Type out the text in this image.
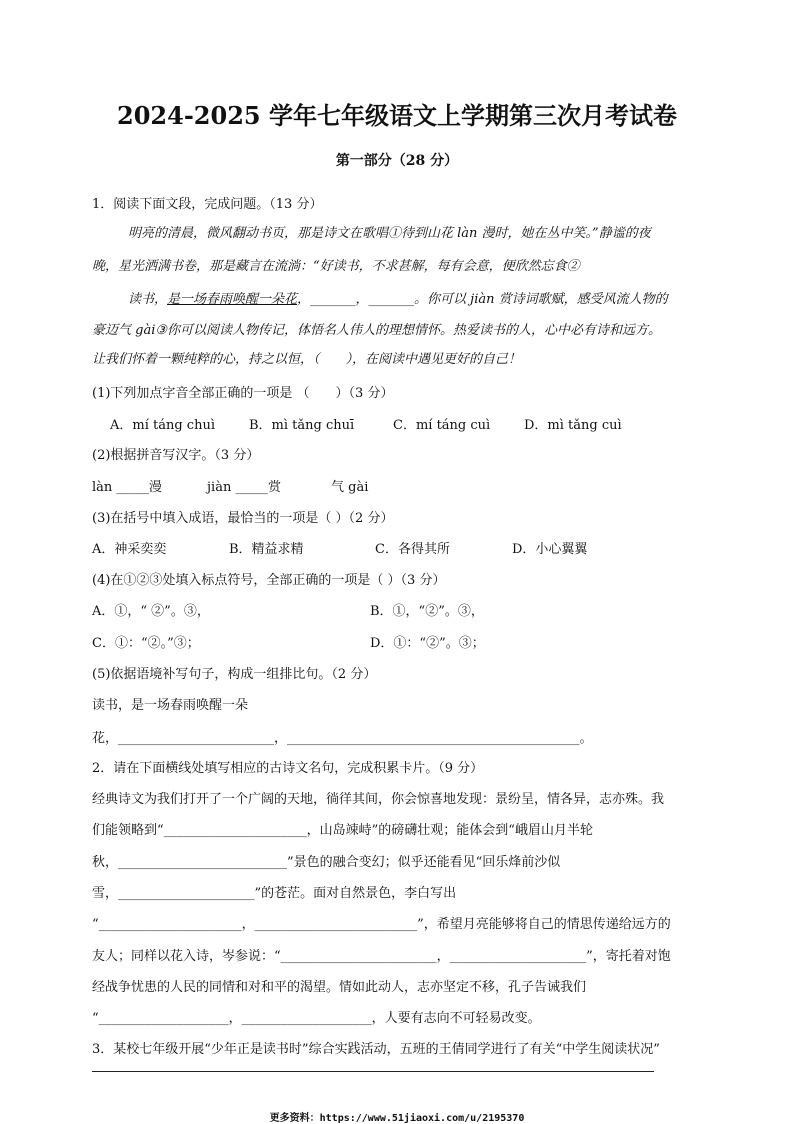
2024-2025 学年七年级语文上学期第三次月考试卷
第一部分（28 分）
1．阅读下面文段，完成问题。（13 分）
明亮的清晨，微风翻动书页，那是诗文在歌唱①待到山花 làn 漫时，她在丛中笑。”静谧的夜
晚，星光洒满书卷，那是藏言在流淌：“好读书，不求甚解，每有会意，便欣然忘食②
读书，是一场春雨唤醒一朵花，_______，_______。你可以 jiàn 赏诗词歌赋，感受风流人物的
豪迈气 gài③你可以阅读人物传记，体悟名人伟人的理想情怀。热爱读书的人，心中必有诗和远方。
让我们怀着一颗纯粹的心，持之以恒，（　　），在阅读中遇见更好的自己！
(1)下列加点字音全部正确的一项是 （　　）（3 分）
A．mí táng chuì	B．mì tǎng chuī	C．mí táng cuì	D．mì tǎng cuì
(2)根据拼音写汉字。（3 分）
làn _____漫	jiàn _____赏	气 gài
(3)在括号中填入成语，最恰当的一项是（ ）（2 分）
A．神采奕奕	B．精益求精	C．各得其所	D．小心翼翼
(4)在①②③处填入标点符号，全部正确的一项是（ ）（3 分）
A．①，“ ②”。③，	B．①，“②”。③，
C．①：“②。”③；	D．①：“②”。③；
(5)依据语境补写句子，构成一组排比句。（2 分）
读书，是一场春雨唤醒一朵
花，________________________，_____________________________________________。
2．请在下面横线处填写相应的古诗文名句，完成积累卡片。（9 分）
经典诗文为我们打开了一个广阔的天地，徜徉其间，你会惊喜地发现：景纷呈，情各异，志亦殊。我
们能领略到“______________________，山岛竦峙”的磅礴壮观；能体会到“峨眉山月半轮
秋，__________________________”景色的融合变幻；似乎还能看见“回乐烽前沙似
雪，_____________________”的苍茫。面对自然景色，李白写出
“______________________，_________________________”，希望月亮能够将自己的情思传递给远方的
友人；同样以花入诗，岑参说：“________________________，_____________________”，寄托着对饱
经战争忧患的人民的同情和对和平的渴望。情如此动人，志亦坚定不移，孔子告诫我们
“____________________，____________________，人要有志向不可轻易改变。
3．某校七年级开展“少年正是读书时”综合实践活动，五班的王倩同学进行了有关“中学生阅读状况”
更多资料：https://www.51jiaoxi.com/u/2195370
